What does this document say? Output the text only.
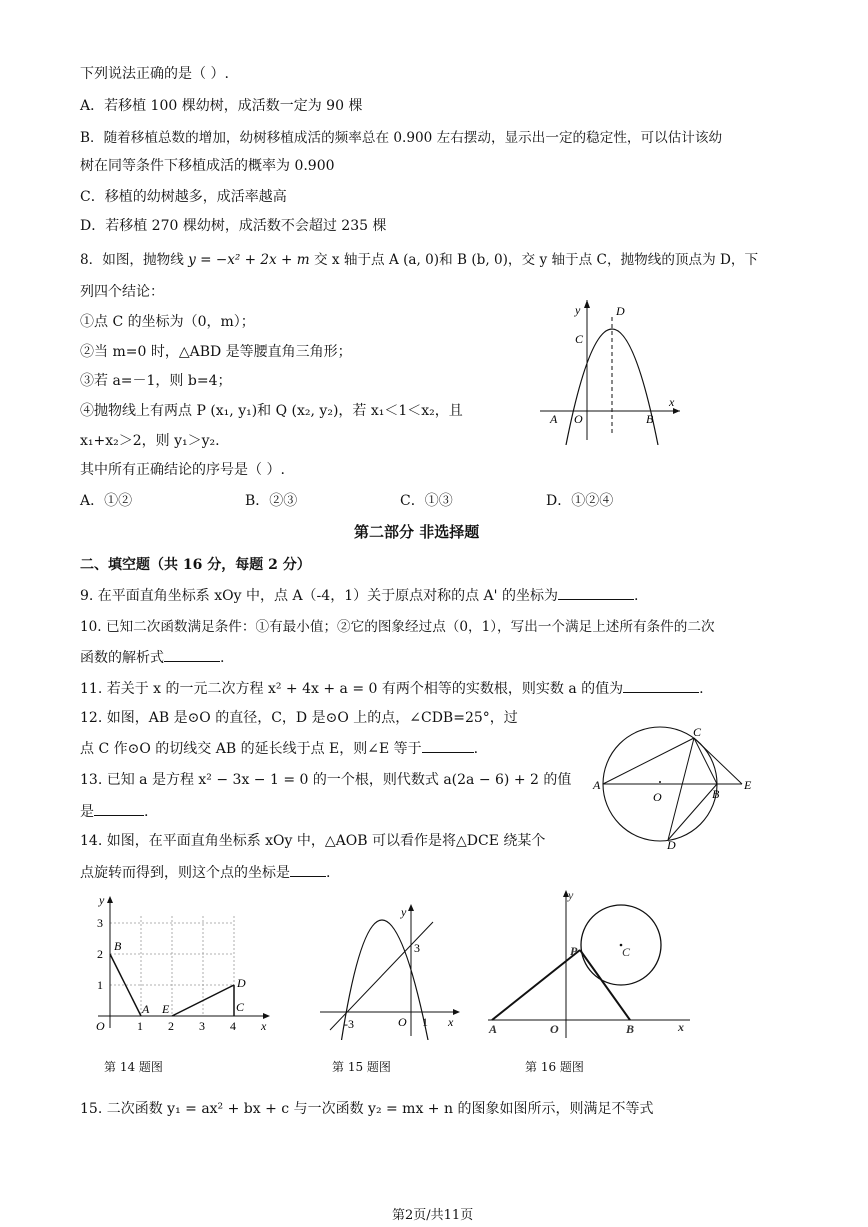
下列说法正确的是（ ）.
A．若移植 100 棵幼树，成活数一定为 90 棵
B．随着移植总数的增加，幼树移植成活的频率总在 0.900 左右摆动，显示出一定的稳定性，可以估计该幼
树在同等条件下移植成活的概率为 0.900
C．移植的幼树越多，成活率越高
D．若移植 270 棵幼树，成活数不会超过 235 棵
8．如图，抛物线 y = −x² + 2x + m 交 x 轴于点 A (a, 0)和 B (b, 0)，交 y 轴于点 C，抛物线的顶点为 D，下
列四个结论：
①点 C 的坐标为（0，m）；
②当 m=0 时，△ABD 是等腰直角三角形；
③若 a=－1，则 b=4；
④抛物线上有两点 P (x₁, y₁)和 Q (x₂, y₂)，若 x₁＜1＜x₂，且
x₁+x₂＞2，则 y₁＞y₂.
其中所有正确结论的序号是（ ）.
A．①②	B．②③	C．①③	D．①②④
y
x
D
C
A O	B
第二部分 非选择题
二、填空题（共 16 分，每题 2 分）
9. 在平面直角坐标系 xOy 中，点 A（-4，1）关于原点对称的点 A' 的坐标为	.
10. 已知二次函数满足条件：①有最小值；②它的图象经过点（0，1），写出一个满足上述所有条件的二次
函数的解析式	.
11. 若关于 x 的一元二次方程 x² + 4x + a = 0 有两个相等的实数根，则实数 a 的值为	.
12. 如图，AB 是⊙O 的直径，C，D 是⊙O 上的点，∠CDB=25°，过
点 C 作⊙O 的切线交 AB 的延长线于点 E，则∠E 等于	.
13. 已知 a 是方程 x² − 3x − 1 = 0 的一个根，则代数式 a(2a − 6) + 2 的值
是	.
14. 如图，在平面直角坐标系 xOy 中，△AOB 可以看作是将△DCE 绕某个
点旋转而得到，则这个点的坐标是	.
C
A
O	B
E
D
y
x
O
B
A E
D
C
1 2 3 4
1
2
3
第 14 题图
y
x
O
-3
3
1
第 15 题图
y
x
P	C
A	O	B
第 16 题图
15. 二次函数 y₁ = ax² + bx + c 与一次函数 y₂ = mx + n 的图象如图所示，则满足不等式
第2页/共11页
